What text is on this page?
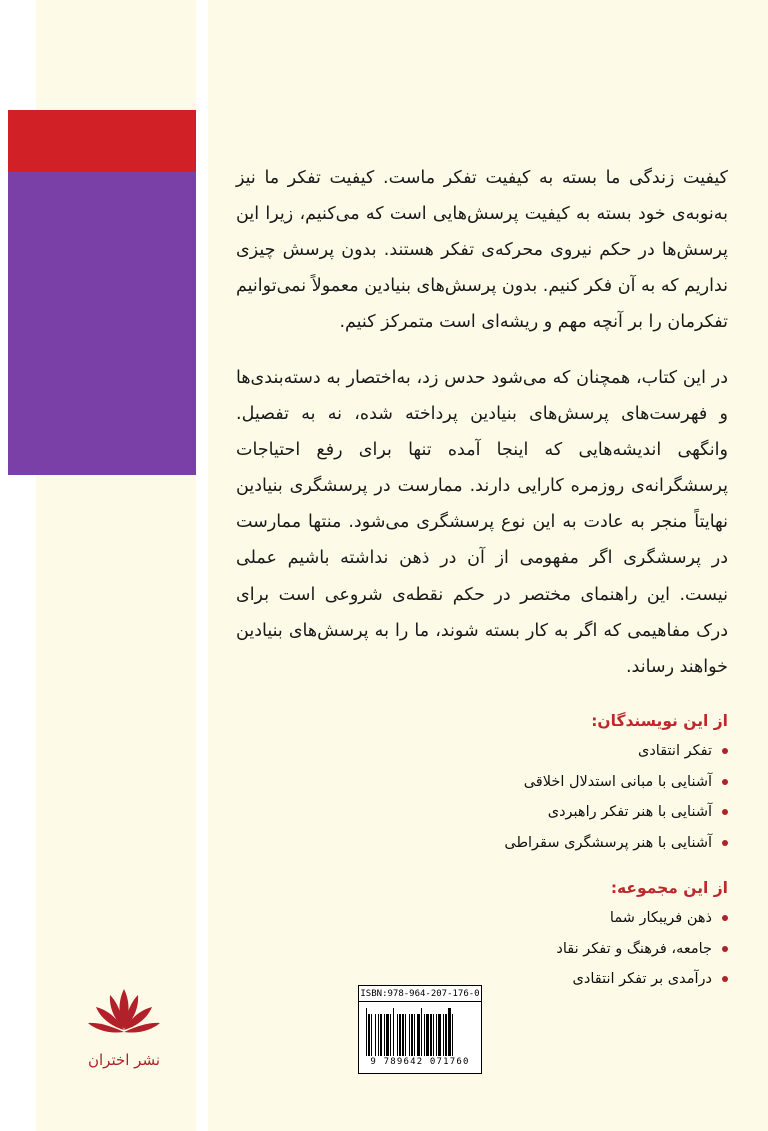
کیفیت زندگی ما بسته به کیفیت تفکر ماست. کیفیت تفکر ما نیز به‌نوبه‌ی خود بسته به کیفیت پرسش‌هایی است که می‌کنیم، زیرا این پرسش‌ها در حکم نیروی محرکه‌ی تفکر هستند. بدون پرسش چیزی نداریم که به آن فکر کنیم. بدون پرسش‌های بنیادین معمولاً نمی‌توانیم تفکرمان را بر آنچه مهم و ریشه‌ای است متمرکز کنیم.

در این کتاب، همچنان که می‌شود حدس زد، به‌اختصار به دسته‌بندی‌ها و فهرست‌های پرسش‌های بنیادین پرداخته شده، نه به تفصیل. وانگهی اندیشه‌هایی که اینجا آمده تنها برای رفع احتیاجات پرسشگرانه‌ی روزمره کارایی دارند. ممارست در پرسشگری بنیادین نهایتاً منجر به عادت به این نوع پرسشگری می‌شود. منتها ممارست در پرسشگری اگر مفهومی از آن در ذهن نداشته باشیم عملی نیست. این راهنمای مختصر در حکم نقطه‌ی شروعی است برای درک مفاهیمی که اگر به کار بسته شوند، ما را به پرسش‌های بنیادین خواهند رساند.

از این نویسندگان:
تفکر انتقادی
آشنایی با مبانی استدلال اخلاقی
آشنایی با هنر تفکر راهبردی
آشنایی با هنر پرسشگری سقراطی
از این مجموعه:
ذهن فریبکار شما
جامعه، فرهنگ و تفکر نقاد
درآمدی بر تفکر انتقادی
نشر اختران
ISBN:978-964-207-176-0
9 789642 071760
